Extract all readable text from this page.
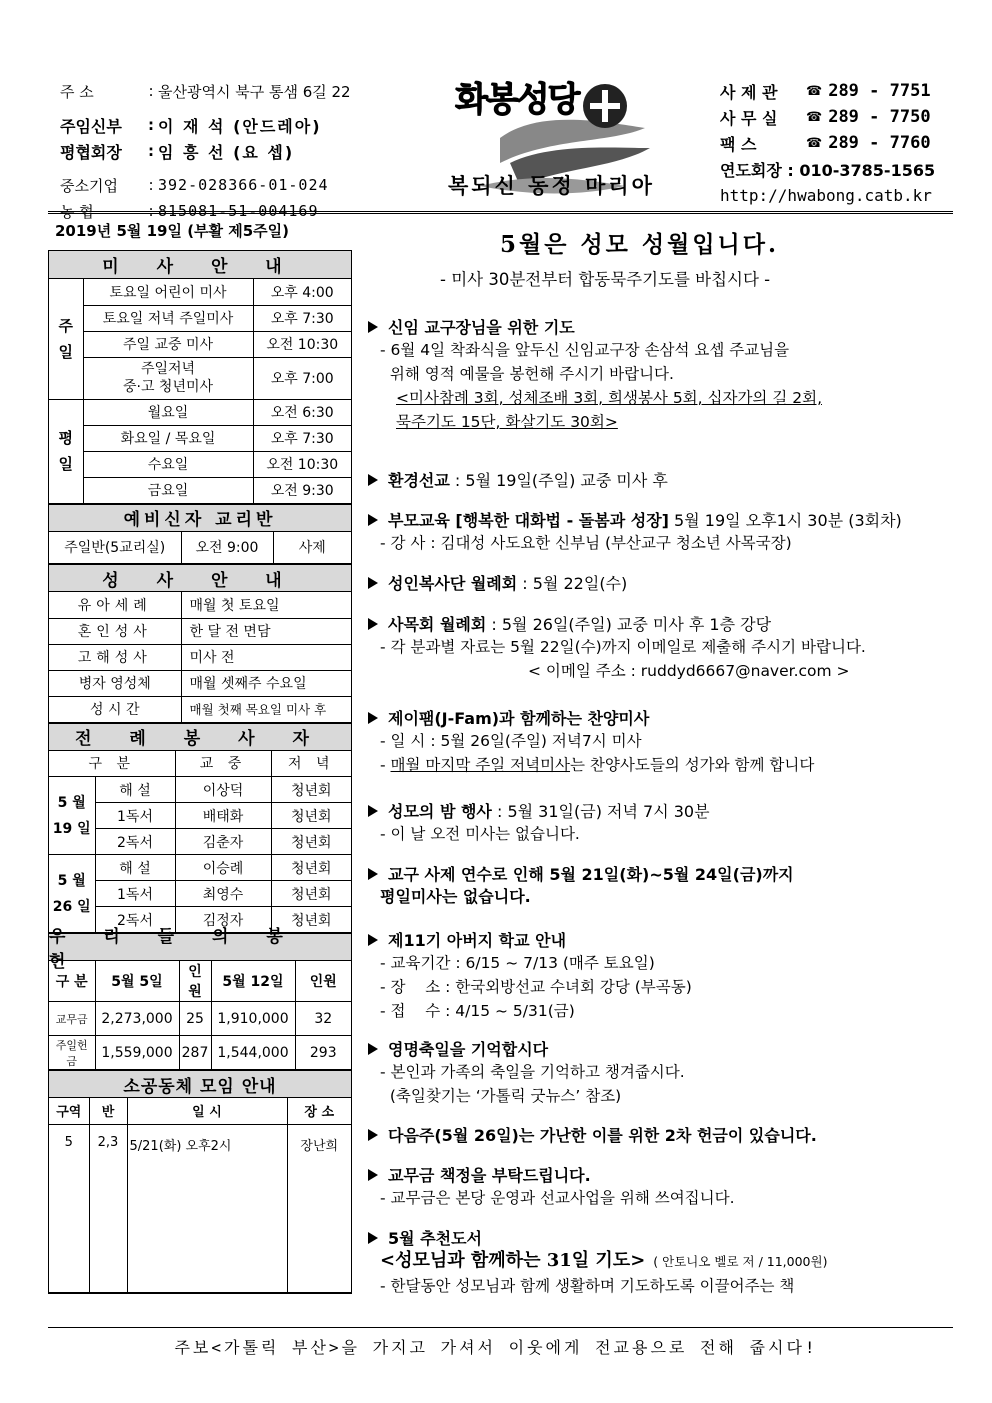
주 소	: 울산광역시 북구 통샘 6길 22
주임신부	: 이 재 석 (안드레아)
평협회장	: 임 흥 선 (요 셉)
중소기업	: 392-028366-01-024
농 협	: 815081-51-004169
화봉성당
복되신 동정 마리아
사 제 관	☎ 289 - 7751
사 무 실	☎ 289 - 7750
팩 스	☎ 289 - 7760
연도회장 : 010-3785-1565
http://hwabong.catb.kr
2019년 5월 19일 (부활 제5주일)
미 사 안 내
주
일	토요일 어린이 미사	오후 4:00
	토요일 저녁 주일미사	오후 7:30
	주일 교중 미사	오전 10:30
	주일저녁
중·고 청년미사	오후 7:00
평
일	월요일	오전 6:30
	화요일 / 목요일	오후 7:30
	수요일	오전 10:30
	금요일	오전 9:30
예비신자 교리반
주일반(5교리실)	오전 9:00	사제
성 사 안 내
유아세례	매월 첫 토요일
혼인성사	한 달 전 면담
고해성사	미사 전
병자 영성체	매월 셋째주 수요일
성 시 간	매월 첫째 목요일 미사 후
전 례 봉 사 자
구 분		교 중	저 녁
5 월
19 일	해 설	이상덕	청년회
	1독서	배태화	청년회
	2독서	김춘자	청년회
5 월
26 일	해 설	이승례	청년회
	1독서	최영수	청년회
	2독서	김정자	청년회
우 리 들 의 봉 헌
구 분	5월 5일	인원	5월 12일	인원
교무금	2,273,000	25	1,910,000	32
주일헌금	1,559,000	287	1,544,000	293
소공동체 모임 안내
구역	반	일 시	장 소
5	2,3	5/21(화) 오후2시	장난희
5월은 성모 성월입니다.
- 미사 30분전부터 합동묵주기도를 바칩시다 -
신임 교구장님을 위한 기도
- 6월 4일 착좌식을 앞두신 신임교구장 손삼석 요셉 주교님을
위해 영적 예물을 봉헌해 주시기 바랍니다.
<미사참례 3회, 성체조배 3회, 희생봉사 5회, 십자가의 길 2회,
묵주기도 15단, 화살기도 30회>
환경선교 : 5월 19일(주일) 교중 미사 후
부모교육 [행복한 대화법 - 돌봄과 성장] 5월 19일 오후1시 30분 (3회차)
- 강 사 : 김대성 사도요한 신부님 (부산교구 청소년 사목국장)
성인복사단 월례회 : 5월 22일(수)
사목회 월례회 : 5월 26일(주일) 교중 미사 후 1층 강당
- 각 분과별 자료는 5월 22일(수)까지 이메일로 제출해 주시기 바랍니다.
< 이메일 주소 : ruddyd6667@naver.com >
제이팸(J-Fam)과 함께하는 찬양미사
- 일 시 : 5월 26일(주일) 저녁7시 미사
- 매월 마지막 주일 저녁미사는 찬양사도들의 성가와 함께 합니다
성모의 밤 행사 : 5월 31일(금) 저녁 7시 30분
- 이 날 오전 미사는 없습니다.
교구 사제 연수로 인해 5월 21일(화)~5월 24일(금)까지
평일미사는 없습니다.
제11기 아버지 학교 안내
- 교육기간 : 6/15 ~ 7/13 (매주 토요일)
- 장    소 : 한국외방선교 수녀회 강당 (부곡동)
- 접    수 : 4/15 ~ 5/31(금)
영명축일을 기억합시다
- 본인과 가족의 축일을 기억하고 챙겨줍시다.
(축일찾기는 ‘가톨릭 굿뉴스’ 참조)
다음주(5월 26일)는 가난한 이를 위한 2차 헌금이 있습니다.
교무금 책정을 부탁드립니다.
- 교무금은 본당 운영과 선교사업을 위해 쓰여집니다.
5월 추천도서
<성모님과 함께하는 31일 기도> ( 안토니오 벨로 저 / 11,000원)
- 한달동안 성모님과 함께 생활하며 기도하도록 이끌어주는 책
주보<가톨릭 부산>을 가지고 가셔서 이웃에게 전교용으로 전해 줍시다!
